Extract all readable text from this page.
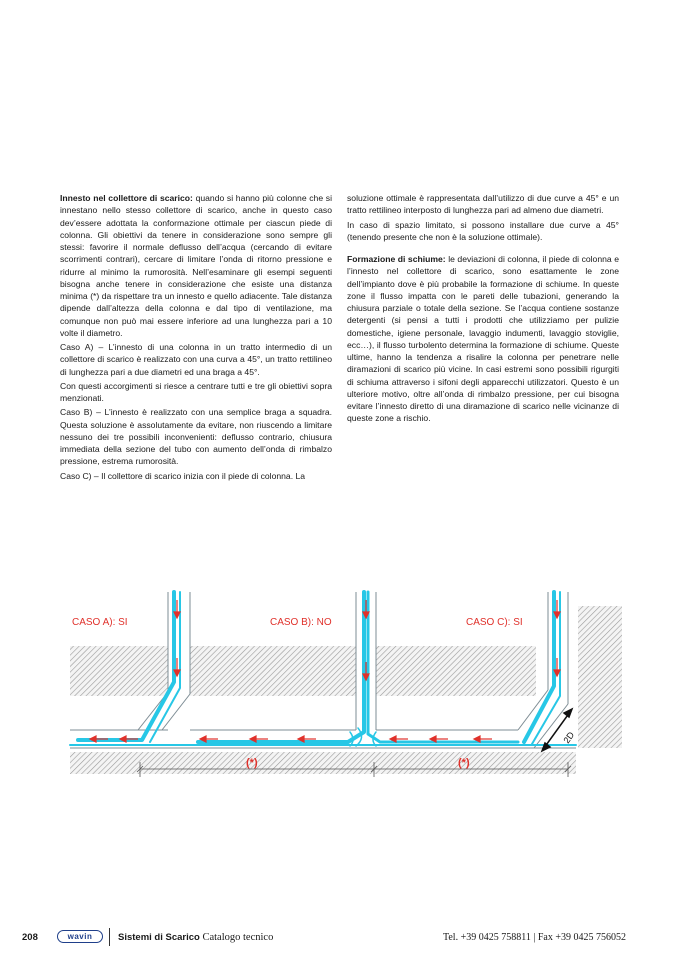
Innesto nel collettore di scarico: quando si hanno più colonne che si innestano nello stesso collettore di scarico, anche in questo caso dev’essere adottata la conformazione ottimale per ciascun piede di colonna. Gli obiettivi da tenere in considerazione sono sempre gli stessi: favorire il normale deflusso dell’acqua (cercando di evitare scorrimenti contrari), cercare di limitare l’onda di ritorno pressione e ridurre al minimo la rumorosità. Nell’esaminare gli esempi seguenti bisogna anche tenere in considerazione che esiste una distanza minima (*) da rispettare tra un innesto e quello adiacente. Tale distanza dipende dall’altezza della colonna e dal tipo di ventilazione, ma comunque non può mai essere inferiore ad una lunghezza pari a 10 volte il diametro.

Caso A) – L’innesto di una colonna in un tratto intermedio di un collettore di scarico è realizzato con una curva a 45°, un tratto rettilineo di lunghezza pari a due diametri ed una braga a 45°.

Con questi accorgimenti si riesce a centrare tutti e tre gli obiettivi sopra menzionati.

Caso B) – L’innesto è realizzato con una semplice braga a squadra. Questa soluzione è assolutamente da evitare, non riuscendo a limitare nessuno dei tre possibili inconvenienti: deflusso contrario, chiusura immediata della sezione del tubo con aumento dell’onda di rimbalzo pressione, estrema rumorosità.

Caso C) – Il collettore di scarico inizia con il piede di colonna. La

soluzione ottimale è rappresentata dall’utilizzo di due curve a 45° e un tratto rettilineo interposto di lunghezza pari ad almeno due diametri.

In caso di spazio limitato, si possono installare due curve a 45° (tenendo presente che non è la soluzione ottimale).

Formazione di schiume: le deviazioni di colonna, il piede di colonna e l’innesto nel collettore di scarico, sono esattamente le zone dell’impianto dove è più probabile la formazione di schiume. In queste zone il flusso impatta con le pareti delle tubazioni, generando la chiusura parziale o totale della sezione. Se l’acqua contiene sostanze detergenti (si pensi a tutti i prodotti che utilizziamo per pulizie domestiche, igiene personale, lavaggio indumenti, lavaggio stoviglie, ecc…), il flusso turbolento determina la formazione di schiume. Queste ultime, hanno la tendenza a risalire la colonna per penetrare nelle diramazioni di scarico più vicine. In casi estremi sono possibili rigurgiti di schiuma attraverso i sifoni degli apparecchi utilizzatori. Questo è un ulteriore motivo, oltre all’onda di rimbalzo pressione, per cui bisogna evitare l’innesto diretto di una diramazione di scarico nelle vicinanze di queste zone a rischio.

CASO A): SI	CASO B): NO	CASO C): SI
2D
(*)	(*)
208	wavin	Sistemi di Scarico Catalogo tecnico	Tel. +39 0425 758811 | Fax +39 0425 756052
